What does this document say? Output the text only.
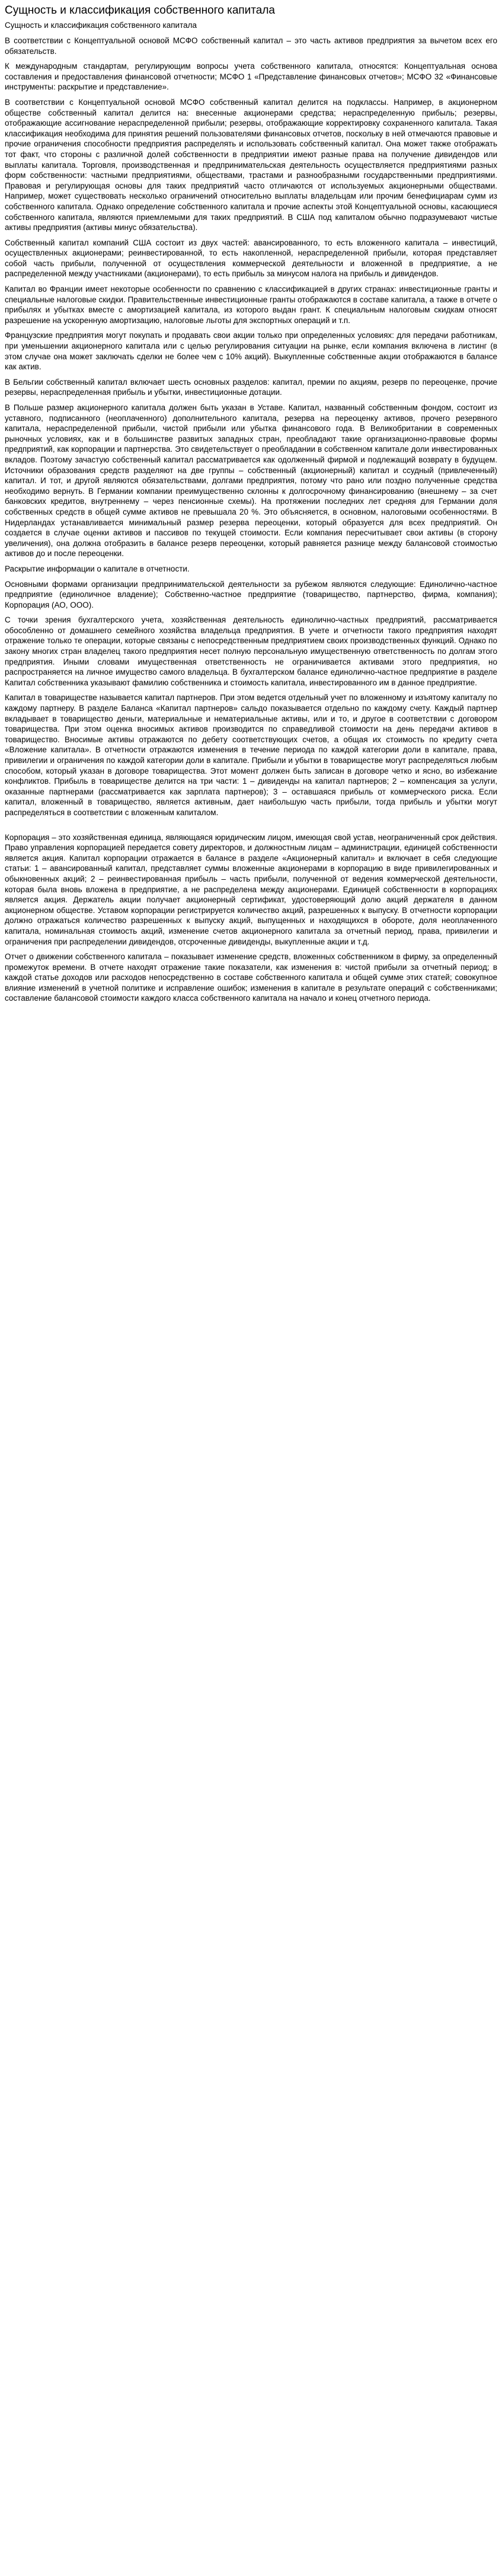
Сущность и классификация собственного капитала
Сущность и классификация собственного капитала

В соответствии с Концептуальной основой МСФО собственный капитал – это часть активов предприятия за вычетом всех его обязательств.

К международным стандартам, регулирующим вопросы учета собственного капитала, относятся: Концептуальная основа составления и предоставления финансовой отчетности; МСФО 1 «Представление финансовых отчетов»; МСФО 32 «Финансовые инструменты: раскрытие и представление».

В соответствии с Концептуальной основой МСФО собственный капитал делится на подклассы. Например, в акционерном обществе собственный капитал делится на: внесенные акционерами средства; нераспределенную прибыль; резервы, отображающие ассигнование нераспределенной прибыли; резервы, отображающие корректировку сохраненного капитала. Такая классификация необходима для принятия решений пользователями финансовых отчетов, поскольку в ней отмечаются правовые и прочие ограничения способности предприятия распределять и использовать собственный капитал. Она может также отображать тот факт, что стороны с различной долей собственности в предприятии имеют разные права на получение дивидендов или выплаты капитала. Торговля, производственная и предпринимательская деятельность осуществляется предприятиями разных форм собственности: частными предприятиями, обществами, трастами и разнообразными государственными предприятиями. Правовая и регулирующая основы для таких предприятий часто отличаются от используемых акционерными обществами. Например, может существовать несколько ограничений относительно выплаты владельцам или прочим бенефициарам сумм из собственного капитала. Однако определение собственного капитала и прочие аспекты этой Концептуальной основы, касающиеся собственного капитала, являются приемлемыми для таких предприятий. В США под капиталом обычно подразумевают чистые активы предприятия (активы минус обязательства).

Собственный капитал компаний США состоит из двух частей: авансированного, то есть вложенного капитала – инвестиций, осуществленных акционерами; реинвестированной, то есть накопленной, нераспределенной прибыли, которая представляет собой часть прибыли, полученной от осуществления коммерческой деятельности и вложенной в предприятие, а не распределенной между участниками (акционерами), то есть прибыль за минусом налога на прибыль и дивидендов.

Капитал во Франции имеет некоторые особенности по сравнению с классификацией в других странах: инвестиционные гранты и специальные налоговые скидки. Правительственные инвестиционные гранты отображаются в составе капитала, а также в отчете о прибылях и убытках вместе с амортизацией капитала, из которого выдан грант. К специальным налоговым скидкам относят разрешение на ускоренную амортизацию, налоговые льготы для экспортных операций и т.п.

Французские предприятия могут покупать и продавать свои акции только при определенных условиях: для передачи работникам, при уменьшении акционерного капитала или с целью регулирования ситуации на рынке, если компания включена в листинг (в этом случае она может заключать сделки не более чем с 10% акций). Выкупленные собственные акции отображаются в балансе как актив.

В Бельгии собственный капитал включает шесть основных разделов: капитал, премии по акциям, резерв по переоценке, прочие резервы, нераспределенная прибыль и убытки, инвестиционные дотации.

В Польше размер акционерного капитала должен быть указан в Уставе. Капитал, названный собственным фондом, состоит из уставного, подписанного (неоплаченного) дополнительного капитала, резерва на переоценку активов, прочего резервного капитала, нераспределенной прибыли, чистой прибыли или убытка финансового года. В Великобритании в современных рыночных условиях, как и в большинстве развитых западных стран, преобладают такие организационно-правовые формы предприятий, как корпорации и партнерства. Это свидетельствует о преобладании в собственном капитале доли инвестированных вкладов. Поэтому зачастую собственный капитал рассматривается как одолженный фирмой и подлежащий возврату в будущем. Источники образования средств разделяют на две группы – собственный (акционерный) капитал и ссудный (привлеченный) капитал. И тот, и другой являются обязательствами, долгами предприятия, потому что рано или поздно полученные средства необходимо вернуть. В Германии компании преимущественно склонны к долгосрочному финансированию (внешнему – за счет банковских кредитов, внутреннему – через пенсионные схемы). На протяжении последних лет средняя для Германии доля собственных средств в общей сумме активов не превышала 20 %. Это объясняется, в основном, налоговыми особенностями. В Нидерландах устанавливается минимальный размер резерва переоценки, который образуется для всех предприятий. Он создается в случае оценки активов и пассивов по текущей стоимости. Если компания пересчитывает свои активы (в сторону увеличения), она должна отобразить в балансе резерв переоценки, который равняется разнице между балансовой стоимостью активов до и после переоценки.

Раскрытие информации о капитале в отчетности.

Основными формами организации предпринимательской деятельности за рубежом являются следующие: Единолично-частное предприятие (единоличное владение); Собственно-частное предприятие (товарищество, партнерство, фирма, компания); Корпорация (АО, ООО).

С точки зрения бухгалтерского учета, хозяйственная деятельность единолично-частных предприятий, рассматривается обособленно от домашнего семейного хозяйства владельца предприятия. В учете и отчетности такого предприятия находят отражение только те операции, которые связаны с непосредственным предприятием своих производственных функций. Однако по закону многих стран владелец такого предприятия несет полную персональную имущественную ответственность по долгам этого предприятия. Иными словами имущественная ответственность не ограничивается активами этого предприятия, но распространяется на личное имущество самого владельца. В бухгалтерском балансе единолично-частное предприятие в разделе Капитал собственника указывают фамилию собственника и стоимость капитала, инвестированного им в данное предприятие.

Капитал в товариществе называется капитал партнеров. При этом ведется отдельный учет по вложенному и изъятому капиталу по каждому партнеру. В разделе Баланса «Капитал партнеров» сальдо показывается отдельно по каждому счету. Каждый партнер вкладывает в товарищество деньги, материальные и нематериальные активы, или и то, и другое в соответствии с договором товарищества. При этом оценка вносимых активов производится по справедливой стоимости на день передачи активов в товарищество. Вносимые активы отражаются по дебету соответствующих счетов, а общая их стоимость по кредиту счета «Вложение капитала». В отчетности отражаются изменения в течение периода по каждой категории доли в капитале, права, привилегии и ограничения по каждой категории доли в капитале. Прибыли и убытки в товариществе могут распределяться любым способом, который указан в договоре товарищества. Этот момент должен быть записан в договоре четко и ясно, во избежание конфликтов. Прибыль в товариществе делится на три части: 1 – дивиденды на капитал партнеров; 2 – компенсация за услуги, оказанные партнерами (рассматривается как зарплата партнеров); 3 – оставшаяся прибыль от коммерческого риска. Если капитал, вложенный в товарищество, является активным, дает наибольшую часть прибыли, тогда прибыль и убытки могут распределяться в соответствии с вложенным капиталом.

Корпорация – это хозяйственная единица, являющаяся юридическим лицом, имеющая свой устав, неограниченный срок действия. Право управления корпорацией передается совету директоров, и должностным лицам – администрации, единицей собственности является акция. Капитал корпорации отражается в балансе в разделе «Акционерный капитал» и включает в себя следующие статьи: 1 – авансированный капитал, представляет суммы вложенные акционерами в корпорацию в виде привилегированных и обыкновенных акций; 2 – реинвестированная прибыль – часть прибыли, полученной от ведения коммерческой деятельности, которая была вновь вложена в предприятие, а не распределена между акционерами. Единицей собственности в корпорациях является акция. Держатель акции получает акционерный сертификат, удостоверяющий долю акций держателя в данном акционерном обществе. Уставом корпорации регистрируется количество акций, разрешенных к выпуску. В отчетности корпорации должно отражаться количество разрешенных к выпуску акций, выпущенных и находящихся в обороте, доля неоплаченного капитала, номинальная стоимость акций, изменение счетов акционерного капитала за отчетный период, права, привилегии и ограничения при распределении дивидендов, отсроченные дивиденды, выкупленные акции и т.д.

Отчет о движении собственного капитала – показывает изменение средств, вложенных собственником в фирму, за определенный промежуток времени. В отчете находят отражение такие показатели, как изменения в: чистой прибыли за отчетный период; в каждой статье доходов или расходов непосредственно в составе собственного капитала и общей сумме этих статей; совокупное влияние изменений в учетной политике и исправление ошибок; изменения в капитале в результате операций с собственниками; составление балансовой стоимости каждого класса собственного капитала на начало и конец отчетного периода.
